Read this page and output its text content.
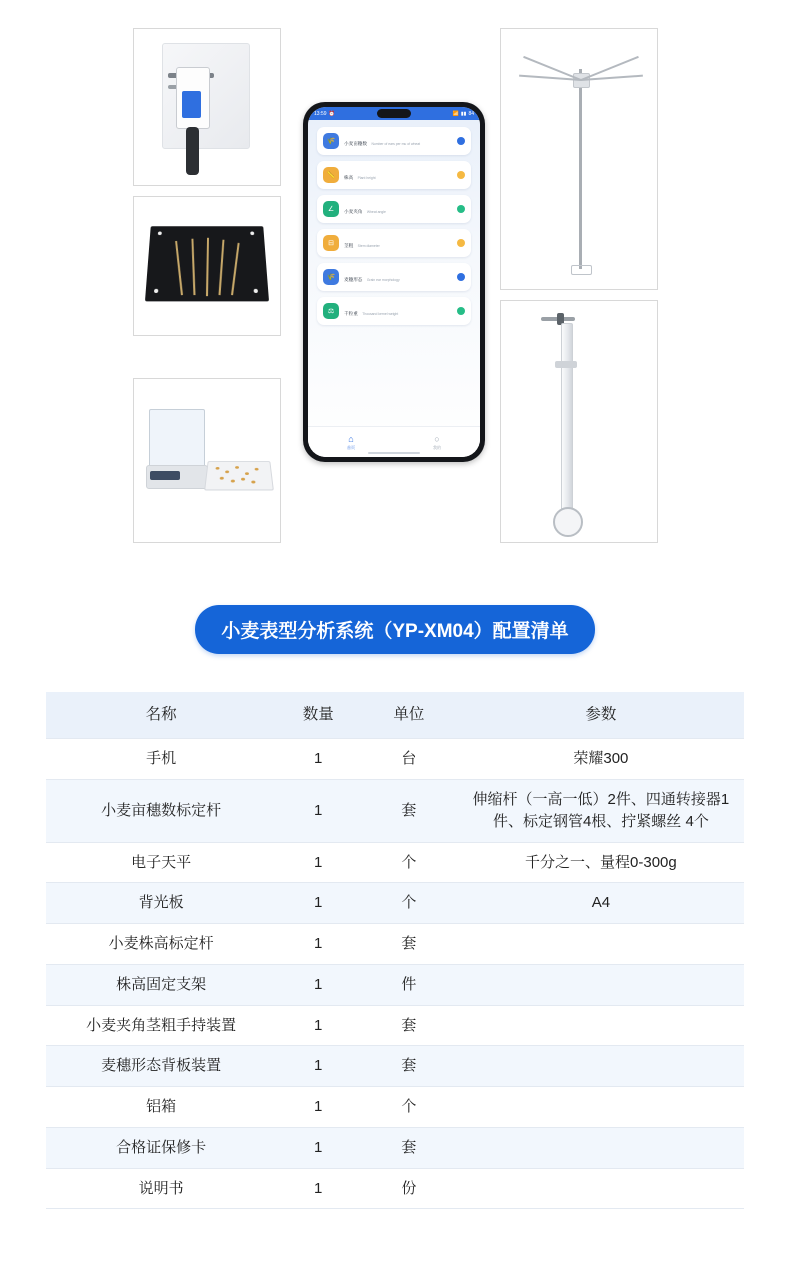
13:59 ⏰	📶 ▮▮ 84
🌾	小麦亩穗数 Number of ears per mu of wheat
📏	株高 Plant height
∠	小麦夹角 Wheat angle
⊟	茎粗 Stem diameter
🌾	麦穗形态 Grain ear morphology
⚖	千粒重 Thousand kernel weight
⌂
首页
○
我的
小麦表型分析系统（YP-XM04）配置清单
名称	数量	单位	参数
手机	1	台	荣耀300
小麦亩穗数标定杆	1	套	伸缩杆（一高一低）2件、四通转接器1件、标定钢管4根、拧紧螺丝 4个
电子天平	1	个	千分之一、量程0-300g
背光板	1	个	A4
小麦株高标定杆	1	套	
株高固定支架	1	件	
小麦夹角茎粗手持装置	1	套	
麦穗形态背板装置	1	套	
铝箱	1	个	
合格证保修卡	1	套	
说明书	1	份	
